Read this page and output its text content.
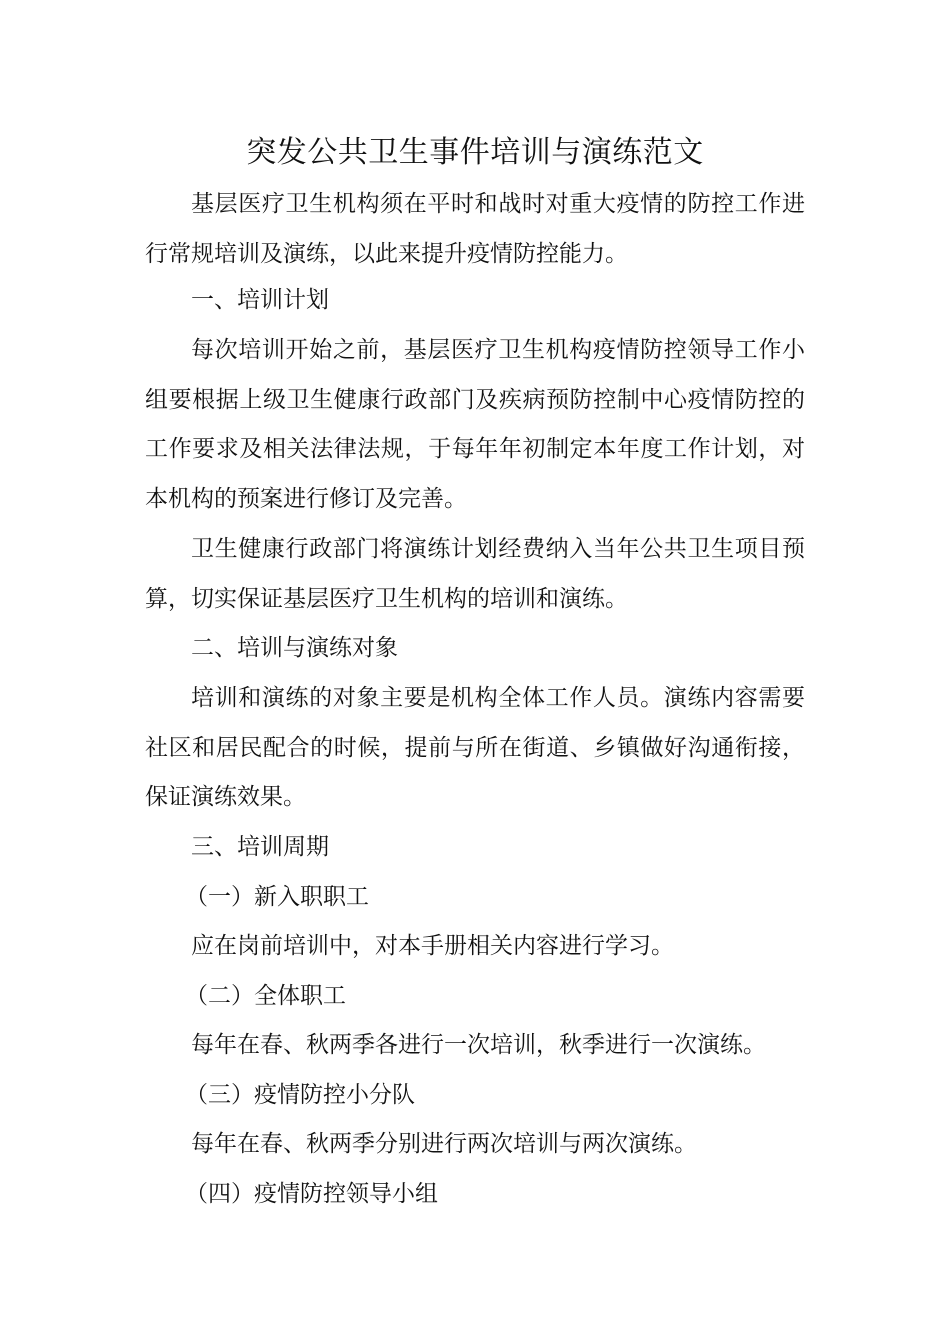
突发公共卫生事件培训与演练范文

基层医疗卫生机构须在平时和战时对重大疫情的防控工作进行常规培训及演练，以此来提升疫情防控能力。

一、培训计划

每次培训开始之前，基层医疗卫生机构疫情防控领导工作小组要根据上级卫生健康行政部门及疾病预防控制中心疫情防控的工作要求及相关法律法规，于每年年初制定本年度工作计划，对本机构的预案进行修订及完善。

卫生健康行政部门将演练计划经费纳入当年公共卫生项目预算，切实保证基层医疗卫生机构的培训和演练。

二、培训与演练对象

培训和演练的对象主要是机构全体工作人员。演练内容需要社区和居民配合的时候，提前与所在街道、乡镇做好沟通衔接，保证演练效果。

三、培训周期

（一）新入职职工

应在岗前培训中，对本手册相关内容进行学习。

（二）全体职工

每年在春、秋两季各进行一次培训，秋季进行一次演练。

（三）疫情防控小分队

每年在春、秋两季分别进行两次培训与两次演练。

（四）疫情防控领导小组
